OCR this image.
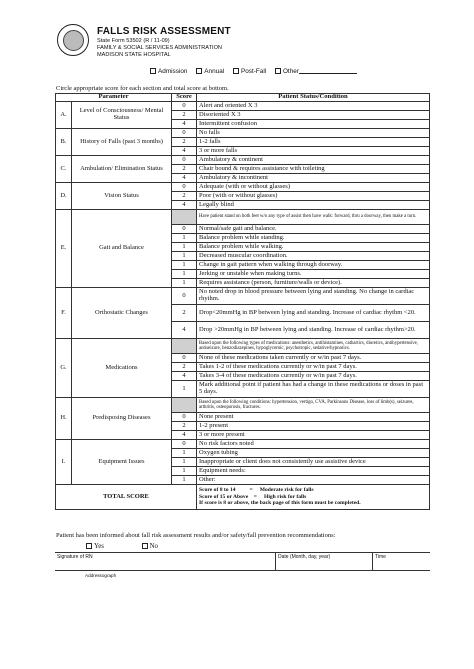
FALLS RISK ASSESSMENT
State Form 53502 (R / 11-09)
FAMILY & SOCIAL SERVICES ADMINISTRATION
MADISON STATE HOSPITAL
Admission	Annual	Post-Fall	Other
Circle appropriate score for each section and total score at bottom.
Parameter		Score	Patient Status/Condition
A.	Level of Consciousness/ Mental Status	0	Alert and oriented X 3
		2	Disoriented X 3
		4	Intermittent confusion
B.	History of Falls (past 3 months)	0	No falls
		2	1-2 falls
		4	3 or more falls
C.	Ambulation/ Elimination Status	0	Ambulatory & continent
		2	Chair bound & requires assistance with toileting
		4	Ambulatory & incontinent
D.	Vision Status	0	Adequate (with or without glasses)
		2	Poor (with or without glasses)
		4	Legally blind
E.	Gait and Balance		Have patient stand on both feet w/o any type of assist then have walk: forward, thru a doorway, then make a turn.
		0	Normal/safe gait and balance.
		1	Balance problem while standing.
		1	Balance problem while walking.
		1	Decreased muscular coordination.
		1	Change in gait pattern when walking through doorway.
		1	Jerking or unstable when making turns.
		1	Requires assistance (person, furniture/walls or device).
F.	Orthostatic Changes	0	No noted drop in blood pressure between lying and standing. No change in cardiac rhythm.
		2	Drop<20mmHg in BP between lying and standing. Increase of cardiac rhythm <20.
		4	Drop >20mmHg in BP between lying and standing. Increase of cardiac rhythm>20.
G.	Medications		Based upon the following types of medications: anesthetics, antihistamines, cathartics, diuretics, antihypertensive, antiseizure, benzodiazepines, hypoglycemic, psychotropic, sedative/hypnotics.
		0	None of these medications taken currently or w/in past 7 days.
		2	Takes 1-2 of these medications currently or w/in past 7 days.
		4	Takes 3-4 of these medications currently or w/in past 7 days.
		1	Mark additional point if patient has had a change in these medications or doses in past 5 days.
H.	Predisposing Diseases		Based upon the following conditions: hypertension, vertigo, CVA, Parkinsons Disease, loss of limb(s), seizures, arthritis, osteoporosis, fractures.
		0	None present
		2	1-2 present
		4	3 or more present
I.	Equipment Issues	0	No risk factors noted
		1	Oxygen tubing
		1	Inappropriate or client does not consistently use assistive device
		1	Equipment needs:
		1	Other:
TOTAL SCORE			Score of 8 to 14          =     Moderate risk for falls
Score of 15 or Above    =     High risk for falls
If score is 8 or above, the back page of this form must be completed.
Patient has been informed about fall risk assessment results and/or safety/fall prevention recommendations:
Yes	No
Signature of RN	Date (Month, day, year)	Time
Addressograph
